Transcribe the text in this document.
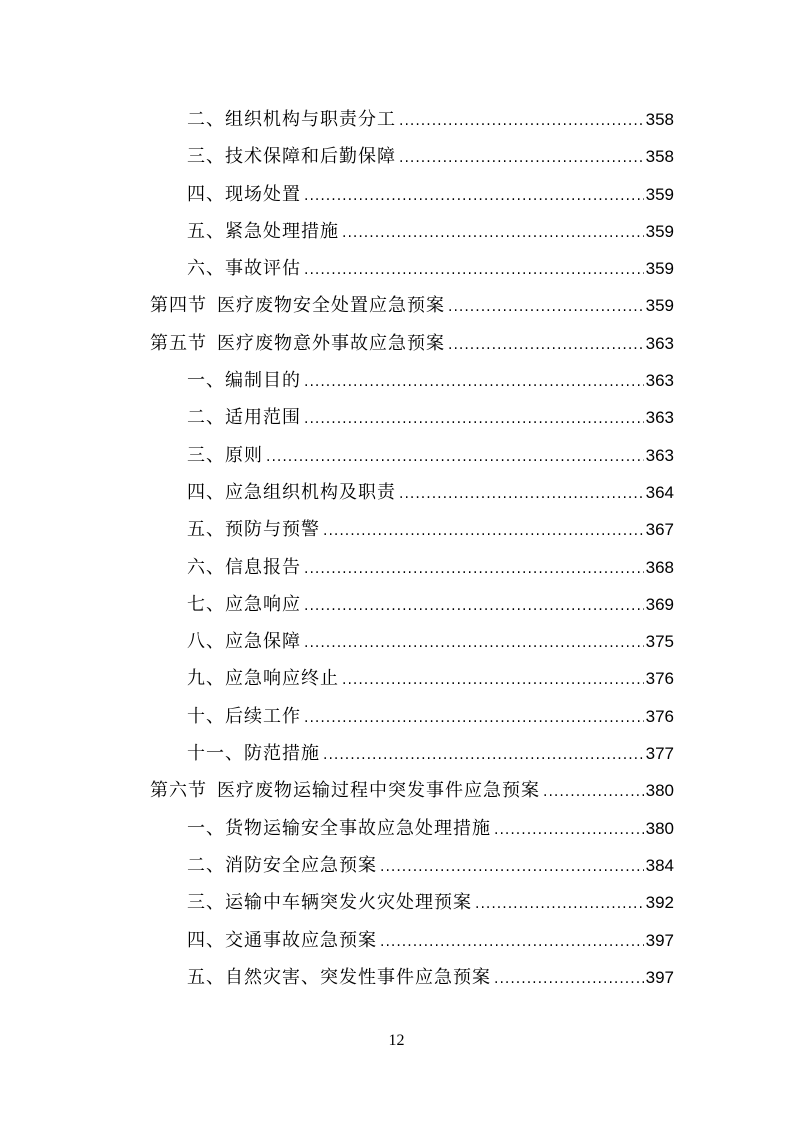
二、组织机构与职责分工 .....	358
三、技术保障和后勤保障 .....	358
四、现场处置 .....	359
五、紧急处理措施 .....	359
六、事故评估 .....	359
第四节 医疗废物安全处置应急预案 .....	359
第五节 医疗废物意外事故应急预案 .....	363
一、编制目的 .....	363
二、适用范围 .....	363
三、原则 .....	363
四、应急组织机构及职责 .....	364
五、预防与预警 .....	367
六、信息报告 .....	368
七、应急响应 .....	369
八、应急保障 .....	375
九、应急响应终止 .....	376
十、后续工作 .....	376
十一、防范措施 .....	377
第六节 医疗废物运输过程中突发事件应急预案 .....	380
一、货物运输安全事故应急处理措施 .....	380
二、消防安全应急预案 .....	384
三、运输中车辆突发火灾处理预案 .....	392
四、交通事故应急预案 .....	397
五、自然灾害、突发性事件应急预案 .....	397
12
